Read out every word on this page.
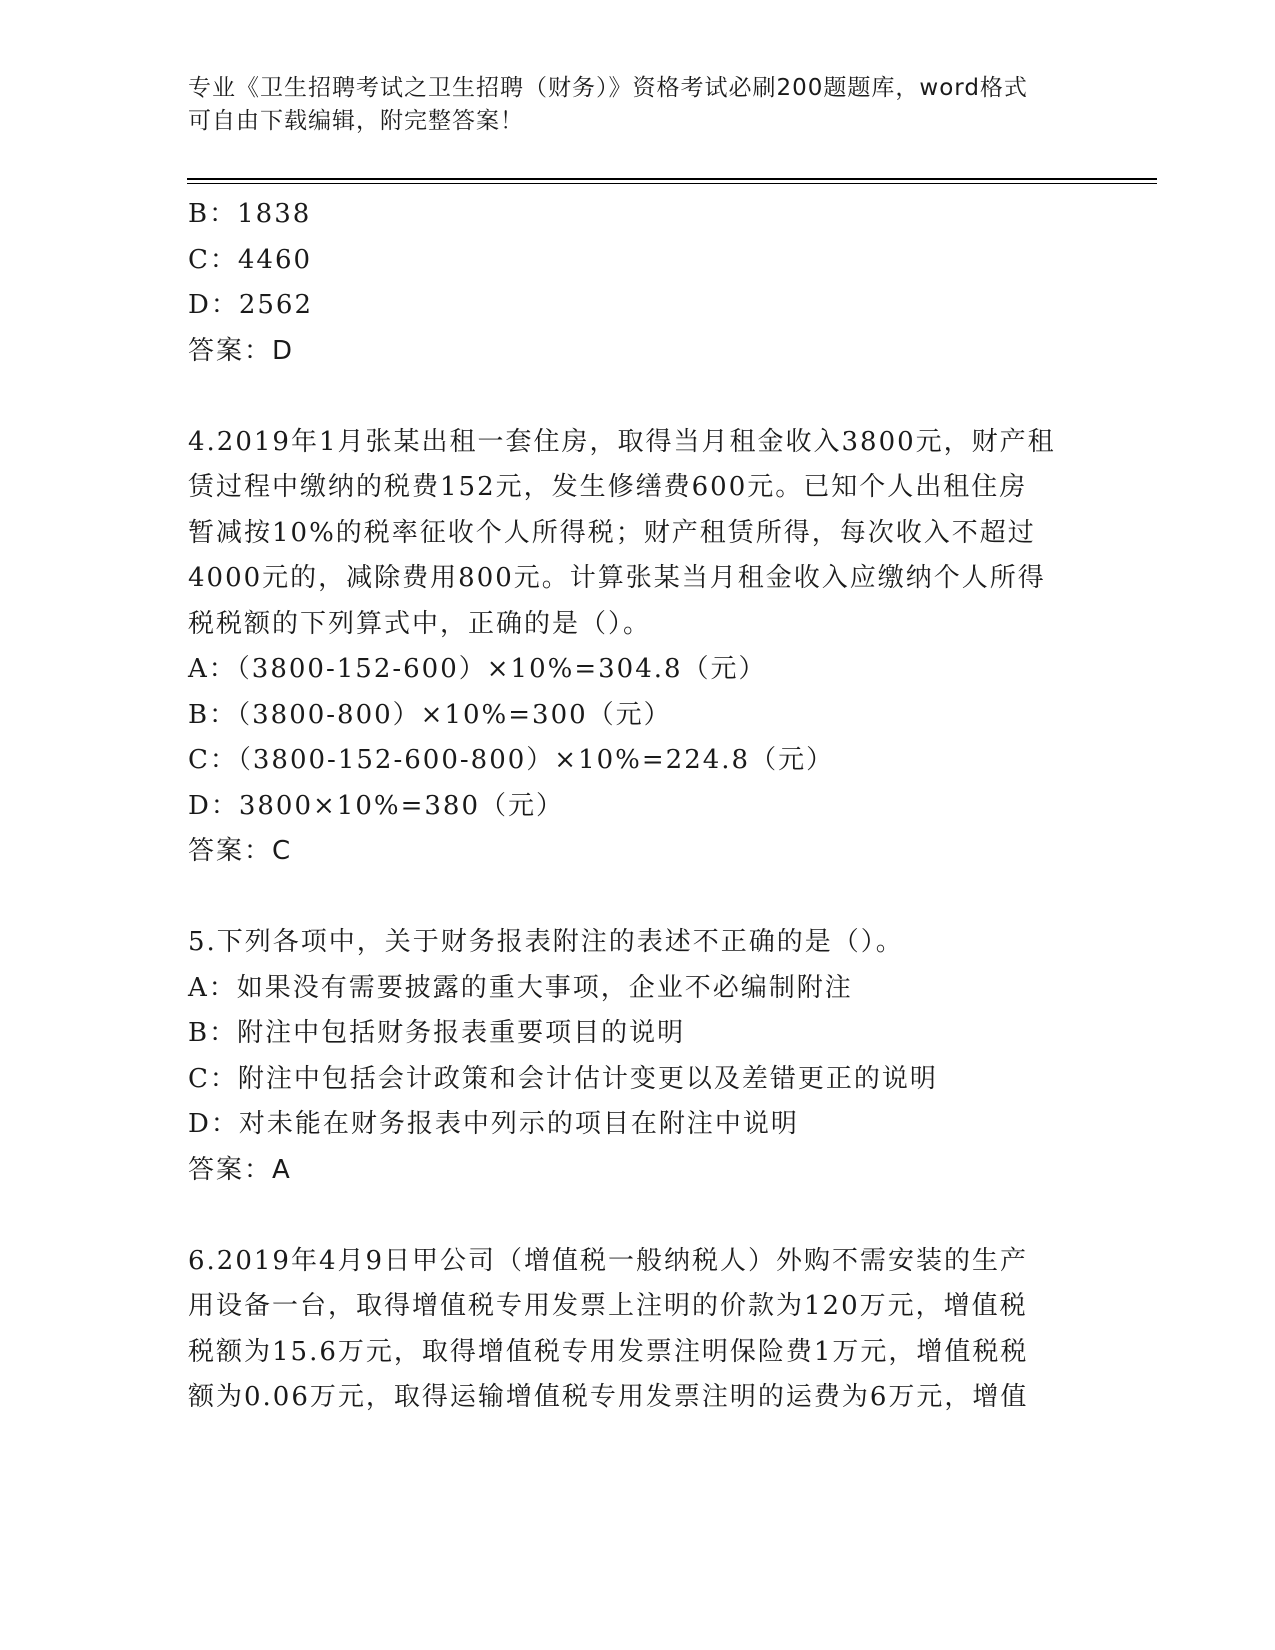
专业《卫生招聘考试之卫生招聘（财务）》资格考试必刷200题题库，word格式
可自由下载编辑，附完整答案！
B：1838
C：4460
D：2562
答案：D
4.2019年1月张某出租一套住房，取得当月租金收入3800元，财产租
赁过程中缴纳的税费152元，发生修缮费600元。已知个人出租住房
暂减按10%的税率征收个人所得税；财产租赁所得，每次收入不超过
4000元的，减除费用800元。计算张某当月租金收入应缴纳个人所得
税税额的下列算式中，正确的是（）。
A：（3800-152-600）×10%=304.8（元）
B：（3800-800）×10%=300（元）
C：（3800-152-600-800）×10%=224.8（元）
D：3800×10%=380（元）
答案：C
5.下列各项中，关于财务报表附注的表述不正确的是（）。
A：如果没有需要披露的重大事项，企业不必编制附注
B：附注中包括财务报表重要项目的说明
C：附注中包括会计政策和会计估计变更以及差错更正的说明
D：对未能在财务报表中列示的项目在附注中说明
答案：A
6.2019年4月9日甲公司（增值税一般纳税人）外购不需安装的生产
用设备一台，取得增值税专用发票上注明的价款为120万元，增值税
税额为15.6万元，取得增值税专用发票注明保险费1万元，增值税税
额为0.06万元，取得运输增值税专用发票注明的运费为6万元，增值
